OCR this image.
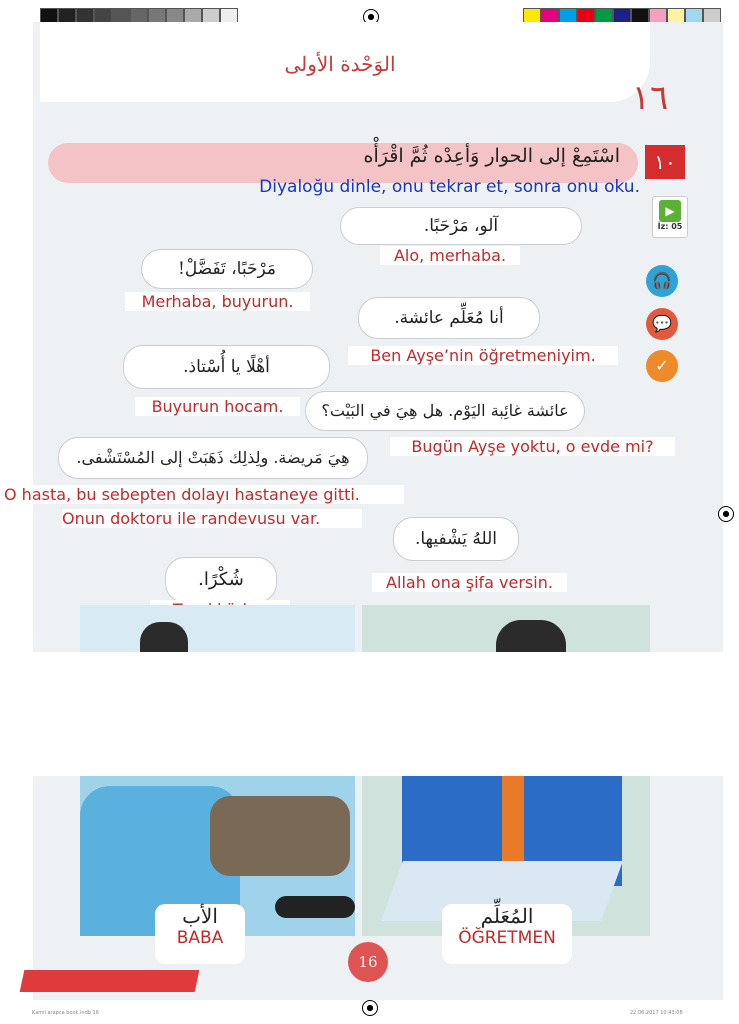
الوَحْدة الأولى
١٦
اسْتَمِعْ إلى الحوار وَأعِدْه ثُمَّ اقْرَأْه
Diyaloğu dinle, onu tekrar et, sonra onu oku.
١٠
▶
İz: 05
🎧
💬
✓
آلو، مَرْحَبًا.
Alo, merhaba.
مَرْحَبًا، تَفَضَّلْ!
Merhaba, buyurun.
أنا مُعَلِّم عائشة.
Ben Ayşe’nin öğretmeniyim.
أهْلًا يا أُسْتاذ.
Buyurun hocam.	عائشة غائِبة اليَوْم. هل هِيَ في البَيْت؟
Bugün Ayşe yoktu, o evde mi?
هِيَ مَريضة. ولِذلِك ذَهَبَتْ إلى المُسْتَشْفى.
O hasta, bu sebepten dolayı hastaneye gitti.
Onun doktoru ile randevusu var.
اللهُ يَشْفيها.
Allah ona şifa versin.
شُكْرًا.
الأب
BABA
المُعَلِّم
ÖĞRETMEN
16
Kamil arapca book.indb 16	22.06.2017 10:43:08
